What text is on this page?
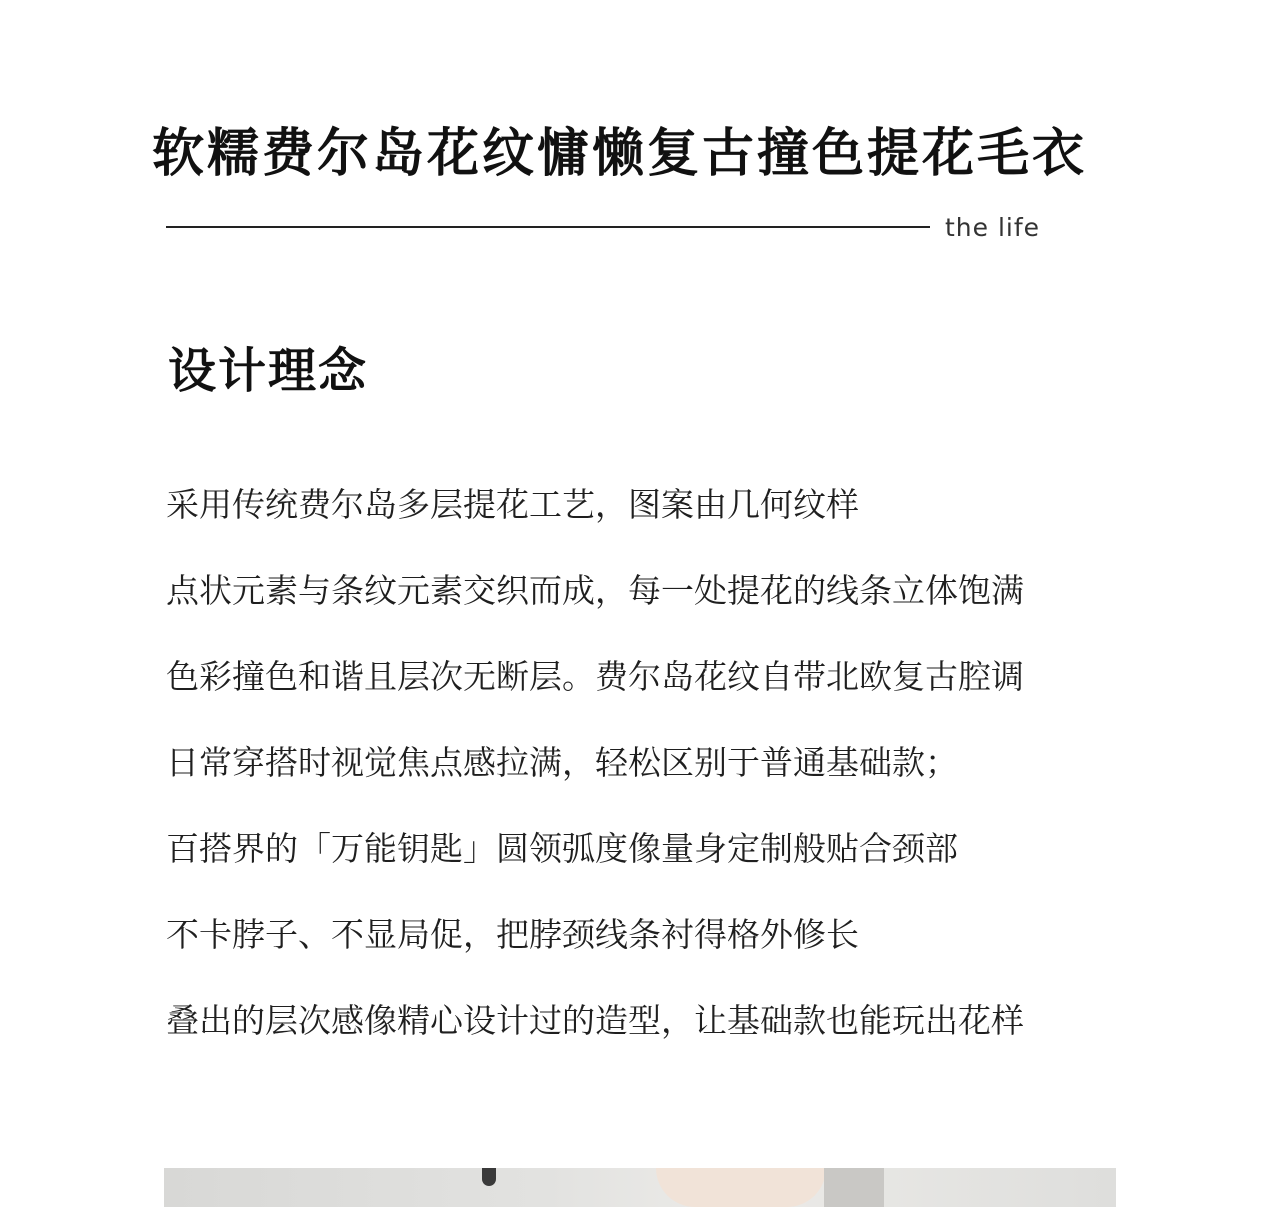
软糯费尔岛花纹慵懒复古撞色提花毛衣
the life
设计理念
采用传统费尔岛多层提花工艺，图案由几何纹样
点状元素与条纹元素交织而成，每一处提花的线条立体饱满
色彩撞色和谐且层次无断层。费尔岛花纹自带北欧复古腔调
日常穿搭时视觉焦点感拉满，轻松区别于普通基础款；
百搭界的「万能钥匙」圆领弧度像量身定制般贴合颈部
不卡脖子、不显局促，把脖颈线条衬得格外修长
叠出的层次感像精心设计过的造型，让基础款也能玩出花样
